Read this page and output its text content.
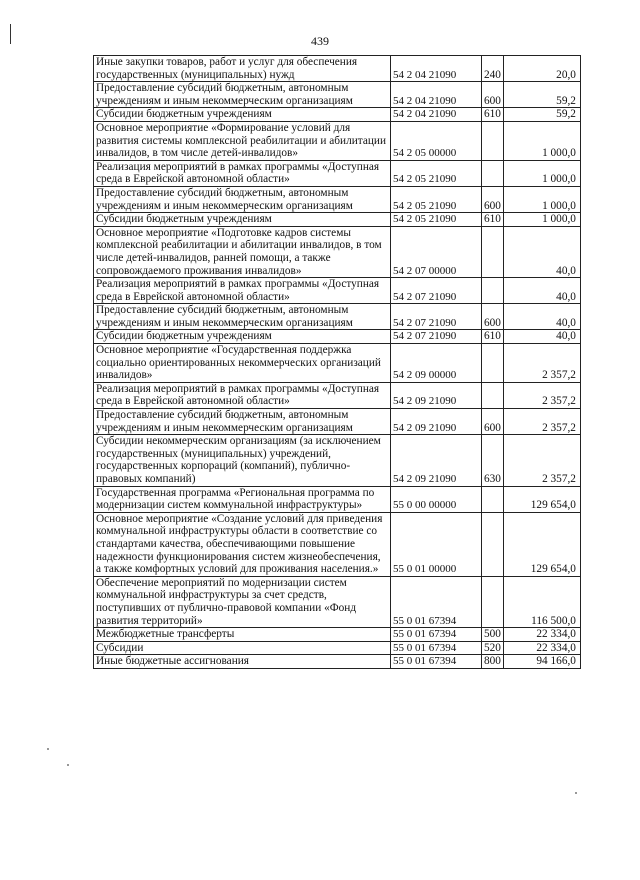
439
Иные закупки товаров, работ и услуг для обеспечения государственных (муниципальных) нужд	54 2 04 21090	240	20,0
Предоставление субсидий бюджетным, автономным учреждениям и иным некоммерческим организациям	54 2 04 21090	600	59,2
Субсидии бюджетным учреждениям	54 2 04 21090	610	59,2
Основное мероприятие «Формирование условий для развития системы комплексной реабилитации и абилитации инвалидов, в том числе детей-инвалидов»	54 2 05 00000		1 000,0
Реализация мероприятий в рамках программы «Доступная среда в Еврейской автономной области»	54 2 05 21090		1 000,0
Предоставление субсидий бюджетным, автономным учреждениям и иным некоммерческим организациям	54 2 05 21090	600	1 000,0
Субсидии бюджетным учреждениям	54 2 05 21090	610	1 000,0
Основное мероприятие «Подготовке кадров системы комплексной реабилитации и абилитации инвалидов, в том числе детей-инвалидов, ранней помощи, а также сопровождаемого проживания инвалидов»	54 2 07 00000		40,0
Реализация мероприятий в рамках программы «Доступная среда в Еврейской автономной области»	54 2 07 21090		40,0
Предоставление субсидий бюджетным, автономным учреждениям и иным некоммерческим организациям	54 2 07 21090	600	40,0
Субсидии бюджетным учреждениям	54 2 07 21090	610	40,0
Основное мероприятие «Государственная поддержка социально ориентированных некоммерческих организаций инвалидов»	54 2 09 00000		2 357,2
Реализация мероприятий в рамках программы «Доступная среда в Еврейской автономной области»	54 2 09 21090		2 357,2
Предоставление субсидий бюджетным, автономным учреждениям и иным некоммерческим организациям	54 2 09 21090	600	2 357,2
Субсидии некоммерческим организациям (за исключением государственных (муниципальных) учреждений, государственных корпораций (компаний), публично-правовых компаний)	54 2 09 21090	630	2 357,2
Государственная программа «Региональная программа по модернизации систем коммунальной инфраструктуры»	55 0 00 00000		129 654,0
Основное мероприятие «Создание условий для приведения коммунальной инфраструктуры области в соответствие со стандартами качества, обеспечивающими повышение надежности функционирования систем жизнеобеспечения, а также комфортных условий для проживания населения.»	55 0 01 00000		129 654,0
Обеспечение мероприятий по модернизации систем коммунальной инфраструктуры за счет средств, поступивших от публично-правовой компании «Фонд развития территорий»	55 0 01 67394		116 500,0
Межбюджетные трансферты	55 0 01 67394	500	22 334,0
Субсидии	55 0 01 67394	520	22 334,0
Иные бюджетные ассигнования	55 0 01 67394	800	94 166,0
